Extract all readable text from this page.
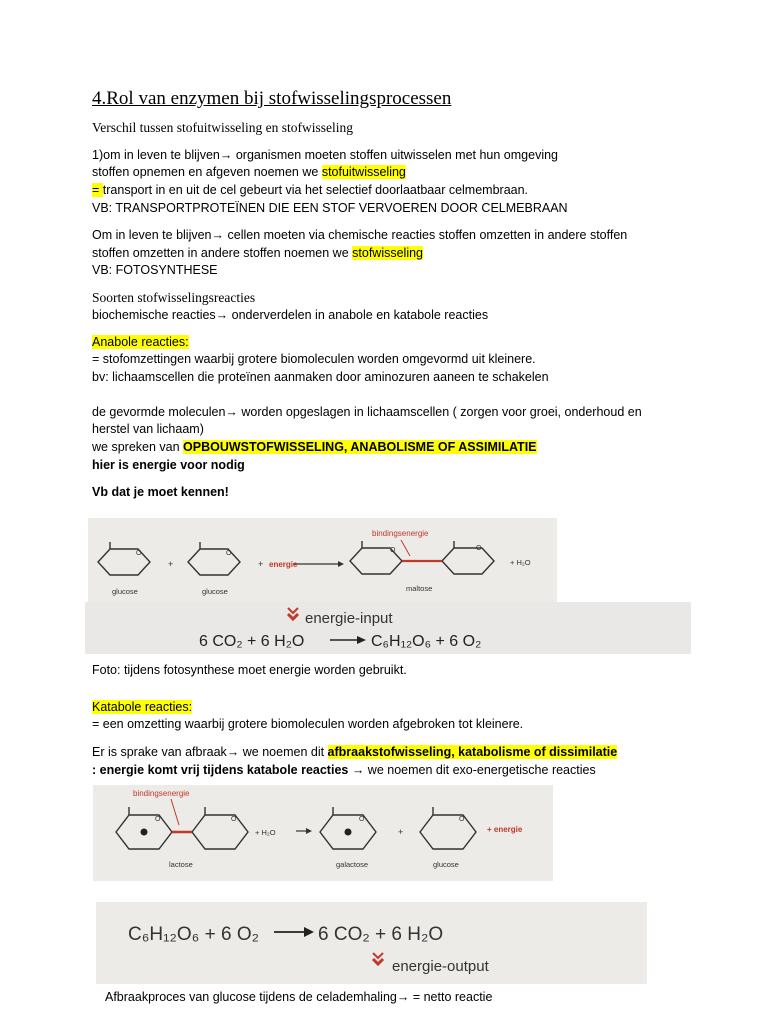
4.Rol van enzymen bij stofwisselingsprocessen
Verschil tussen stofuitwisseling en stofwisseling
1)om in leven te blijven→ organismen moeten stoffen uitwisselen met hun omgeving
stoffen opnemen en afgeven noemen we stofuitwisseling
= transport in en uit de cel gebeurt via het selectief doorlaatbaar celmembraan.
VB: TRANSPORTPROTEÏNEN DIE EEN STOF VERVOEREN DOOR CELMEBRAAN
Om in leven te blijven→ cellen moeten via chemische reacties stoffen omzetten in andere stoffen
stoffen omzetten in andere stoffen noemen we stofwisseling
VB: FOTOSYNTHESE
Soorten stofwisselingsreacties
biochemische reacties→ onderverdelen in anabole en katabole reacties
Anabole reacties:
= stofomzettingen waarbij grotere biomoleculen worden omgevormd uit kleinere.
bv: lichaamscellen die proteïnen aanmaken door aminozuren aaneen te schakelen
de gevormde moleculen→ worden opgeslagen in lichaamscellen ( zorgen voor groei, onderhoud en
herstel van lichaam)
we spreken van OPBOUWSTOFWISSELING, ANABOLISME OF ASSIMILATIE
hier is energie voor nodig
Vb dat je moet kennen!
O	O	O	O
glucose	glucose
+	+ energie
bindingsenergie
maltose
+ H₂O
energie-input
6 CO₂ + 6 H₂O	C₆H₁₂O₆ + 6 O₂
Foto: tijdens fotosynthese moet energie worden gebruikt.
Katabole reacties:
= een omzetting waarbij grotere biomoleculen worden afgebroken tot kleinere.
Er is sprake van afbraak→ we noemen dit afbraakstofwisseling, katabolisme of dissimilatie
: energie komt vrij tijdens katabole reacties → we noemen dit exo-energetische reacties
O	O	O	O
bindingsenergie
lactose
+ H₂O
galactose
+
glucose
+ energie
C₆H₁₂O₆ + 6 O₂	6 CO₂ + 6 H₂O
energie-output
Afbraakproces van glucose tijdens de celademhaling→ = netto reactie
